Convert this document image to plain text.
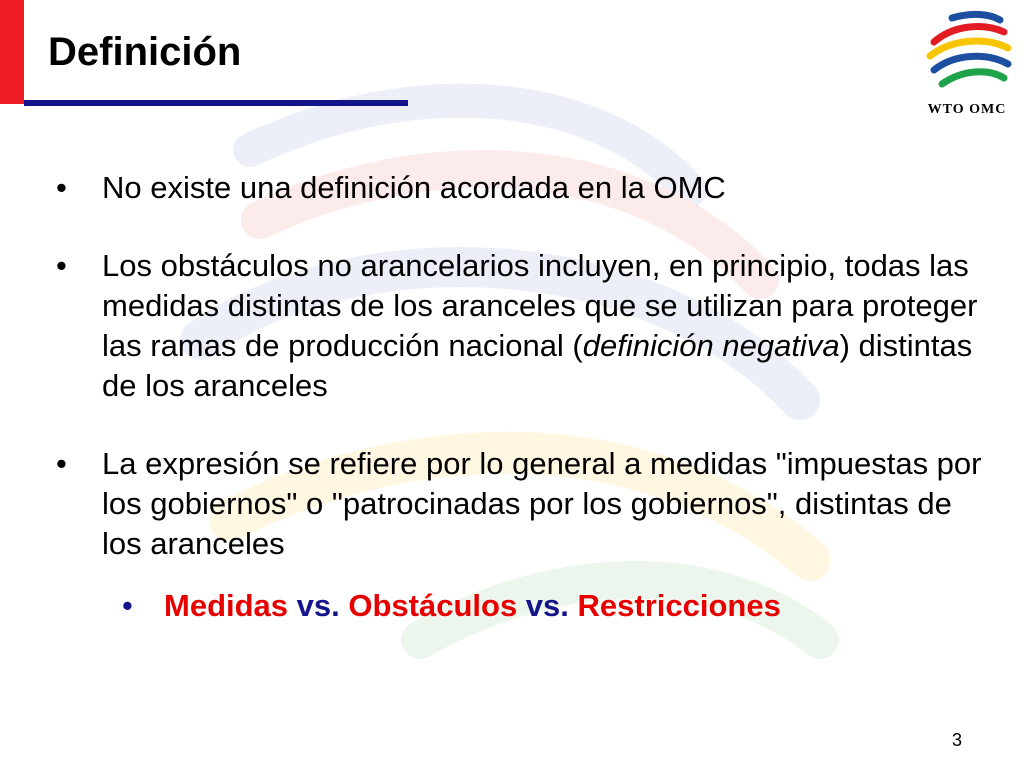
Definición
WTO OMC
• No existe una definición acordada en la OMC
• Los obstáculos no arancelarios incluyen, en principio, todas las medidas distintas de los aranceles que se utilizan para proteger las ramas de producción nacional (definición negativa) distintas de los aranceles
• La expresión se refiere por lo general a medidas "impuestas por los gobiernos" o "patrocinadas por los gobiernos", distintas de los aranceles
• Medidas vs. Obstáculos vs. Restricciones
3
